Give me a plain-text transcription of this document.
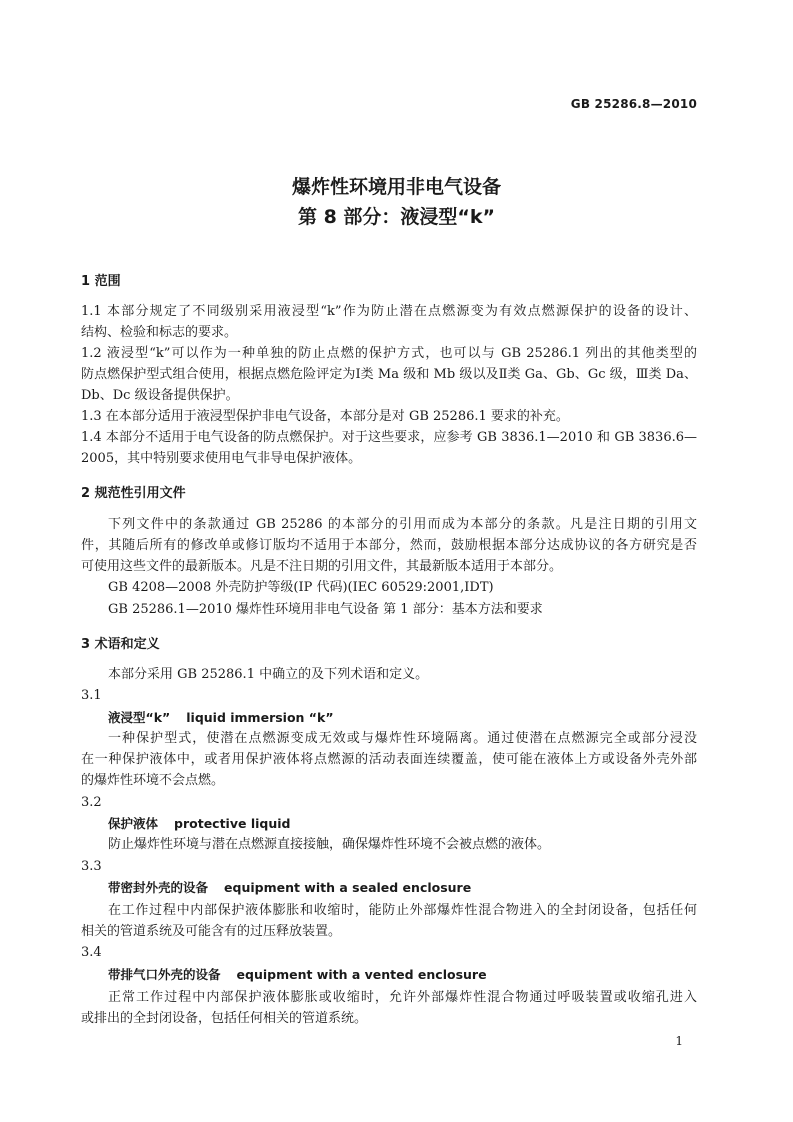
GB 25286.8—2010
爆炸性环境用非电气设备
第 8 部分：液浸型“k”
1 范围
1.1 本部分规定了不同级别采用液浸型“k”作为防止潜在点燃源变为有效点燃源保护的设备的设计、
结构、检验和标志的要求。
1.2 液浸型“k”可以作为一种单独的防止点燃的保护方式，也可以与 GB 25286.1 列出的其他类型的
防点燃保护型式组合使用，根据点燃危险评定为Ⅰ类 Ma 级和 Mb 级以及Ⅱ类 Ga、Gb、Gc 级，Ⅲ类 Da、
Db、Dc 级设备提供保护。
1.3 在本部分适用于液浸型保护非电气设备，本部分是对 GB 25286.1 要求的补充。
1.4 本部分不适用于电气设备的防点燃保护。对于这些要求，应参考 GB 3836.1—2010 和 GB 3836.6—
2005，其中特别要求使用电气非导电保护液体。
2 规范性引用文件
下列文件中的条款通过 GB 25286 的本部分的引用而成为本部分的条款。凡是注日期的引用文
件，其随后所有的修改单或修订版均不适用于本部分，然而，鼓励根据本部分达成协议的各方研究是否
可使用这些文件的最新版本。凡是不注日期的引用文件，其最新版本适用于本部分。
GB 4208—2008 外壳防护等级(IP 代码)(IEC 60529:2001,IDT)
GB 25286.1—2010 爆炸性环境用非电气设备 第 1 部分：基本方法和要求
3 术语和定义
本部分采用 GB 25286.1 中确立的及下列术语和定义。
3.1
液浸型“k” liquid immersion “k”
一种保护型式，使潜在点燃源变成无效或与爆炸性环境隔离。通过使潜在点燃源完全或部分浸没
在一种保护液体中，或者用保护液体将点燃源的活动表面连续覆盖，使可能在液体上方或设备外壳外部
的爆炸性环境不会点燃。
3.2
保护液体 protective liquid
防止爆炸性环境与潜在点燃源直接接触，确保爆炸性环境不会被点燃的液体。
3.3
带密封外壳的设备 equipment with a sealed enclosure
在工作过程中内部保护液体膨胀和收缩时，能防止外部爆炸性混合物进入的全封闭设备，包括任何
相关的管道系统及可能含有的过压释放装置。
3.4
带排气口外壳的设备 equipment with a vented enclosure
正常工作过程中内部保护液体膨胀或收缩时，允许外部爆炸性混合物通过呼吸装置或收缩孔进入
或排出的全封闭设备，包括任何相关的管道系统。
1
